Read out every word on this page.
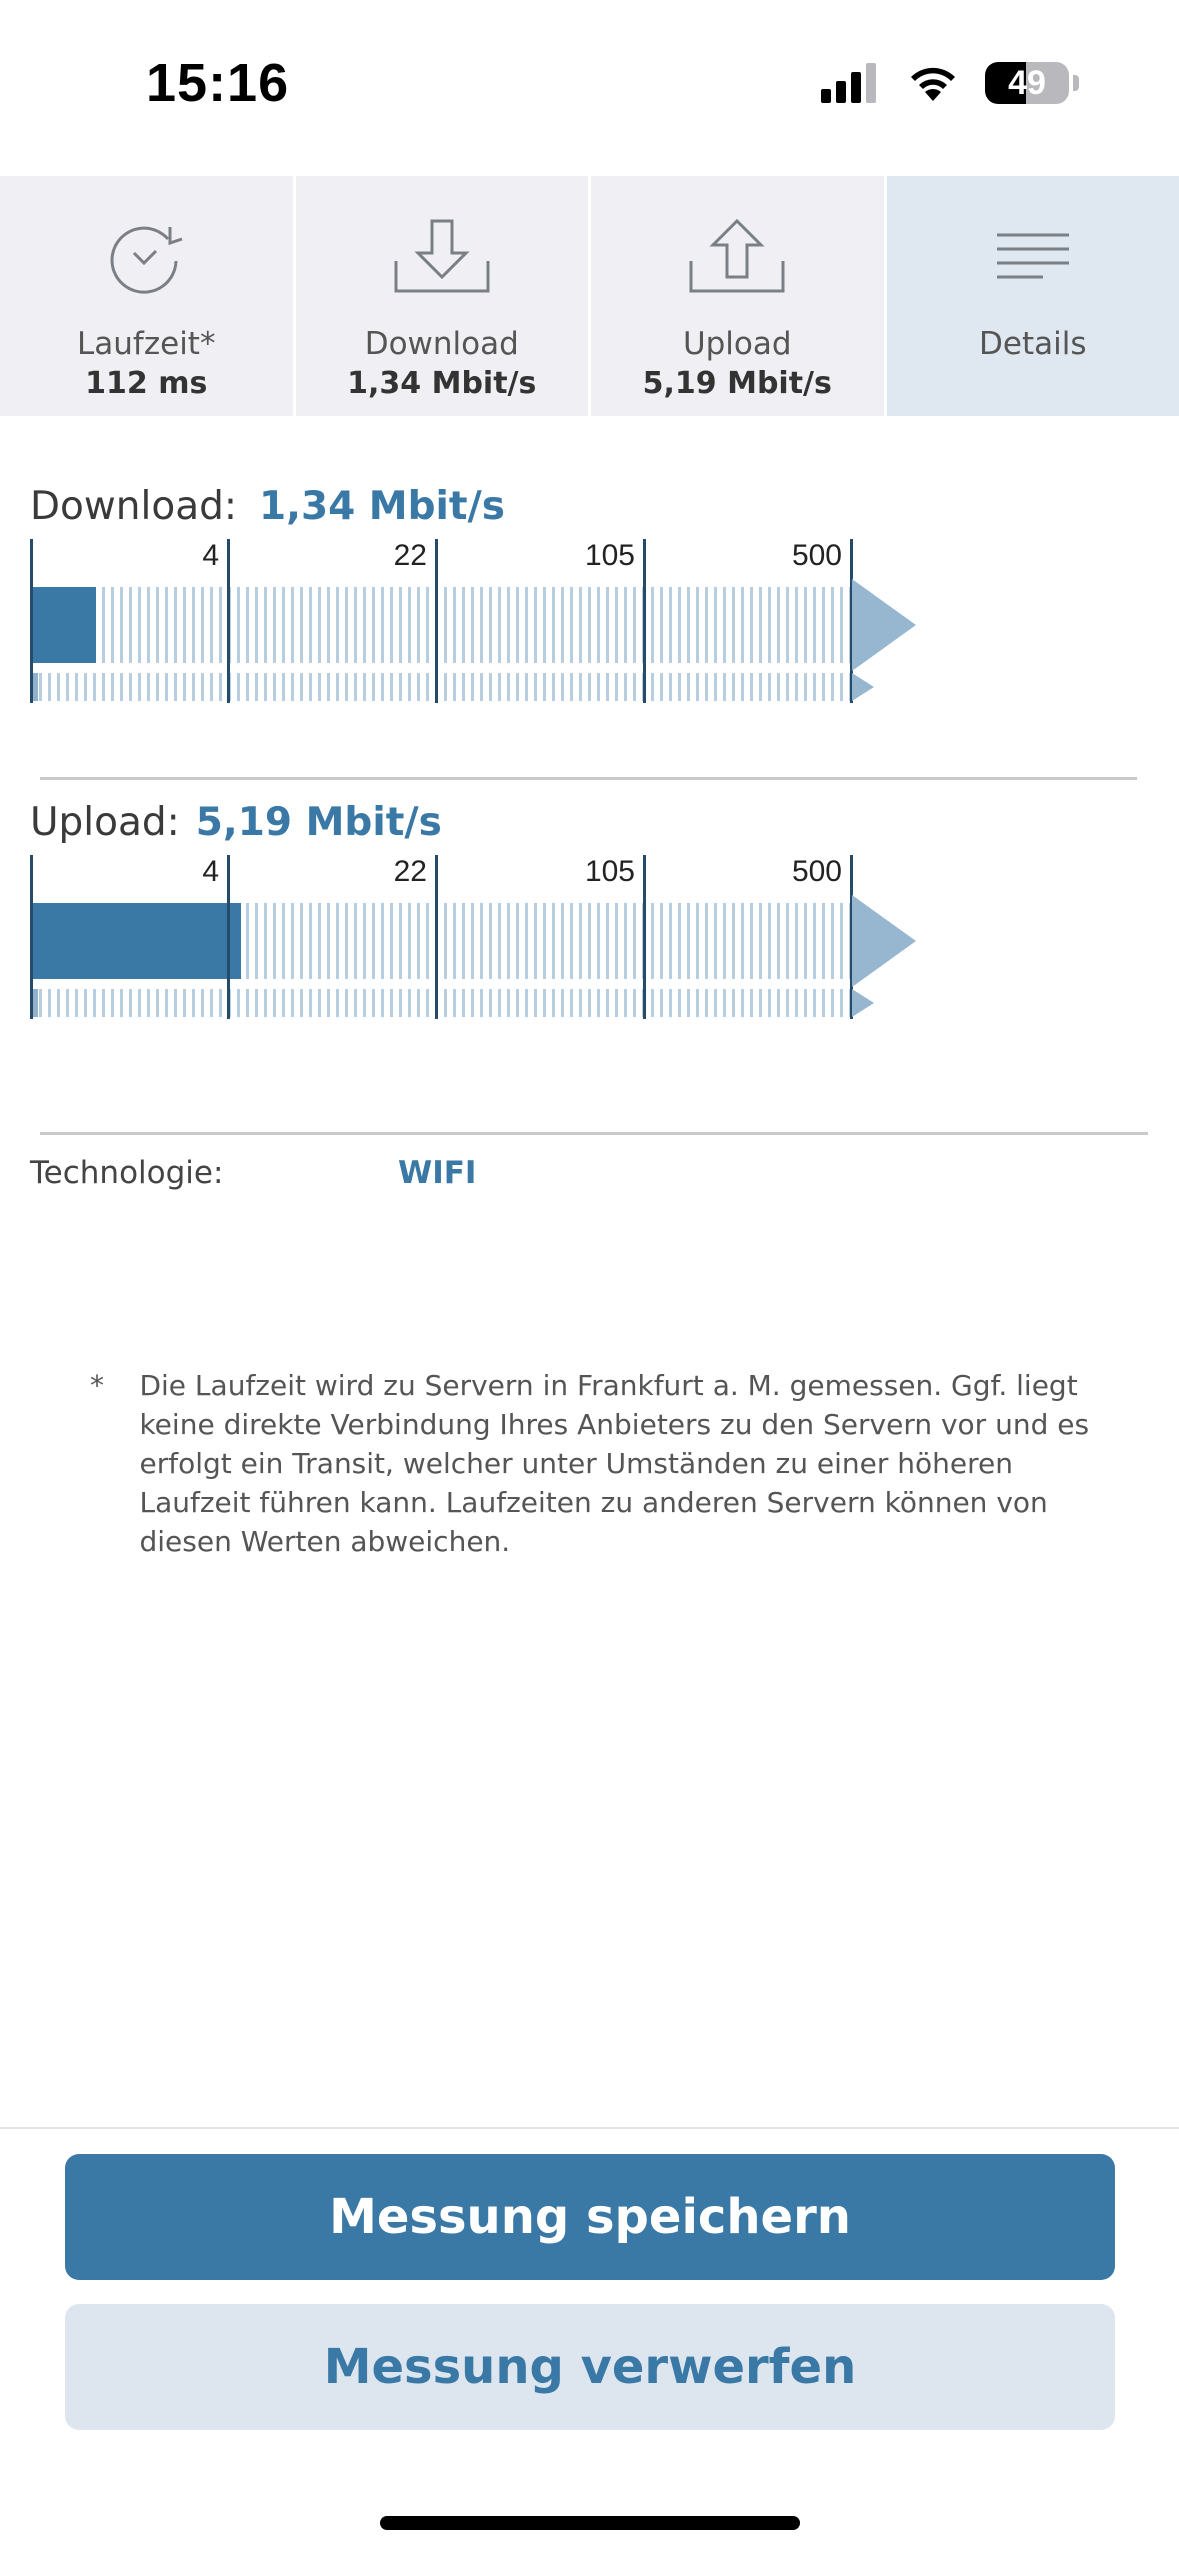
15:16	49
Laufzeit*
112 ms
Download
1,34 Mbit/s
Upload
5,19 Mbit/s
Details
Download: 1,34 Mbit/s
4	22	105	500
Upload: 5,19 Mbit/s
4	22	105	500
Technologie:	WIFI
*	Die Laufzeit wird zu Servern in Frankfurt a. M. gemessen. Ggf. liegt keine direkte Verbindung Ihres Anbieters zu den Servern vor und es erfolgt ein Transit, welcher unter Umständen zu einer höheren Laufzeit führen kann. Laufzeiten zu anderen Servern können von diesen Werten abweichen.
Messung speichern
Messung verwerfen
